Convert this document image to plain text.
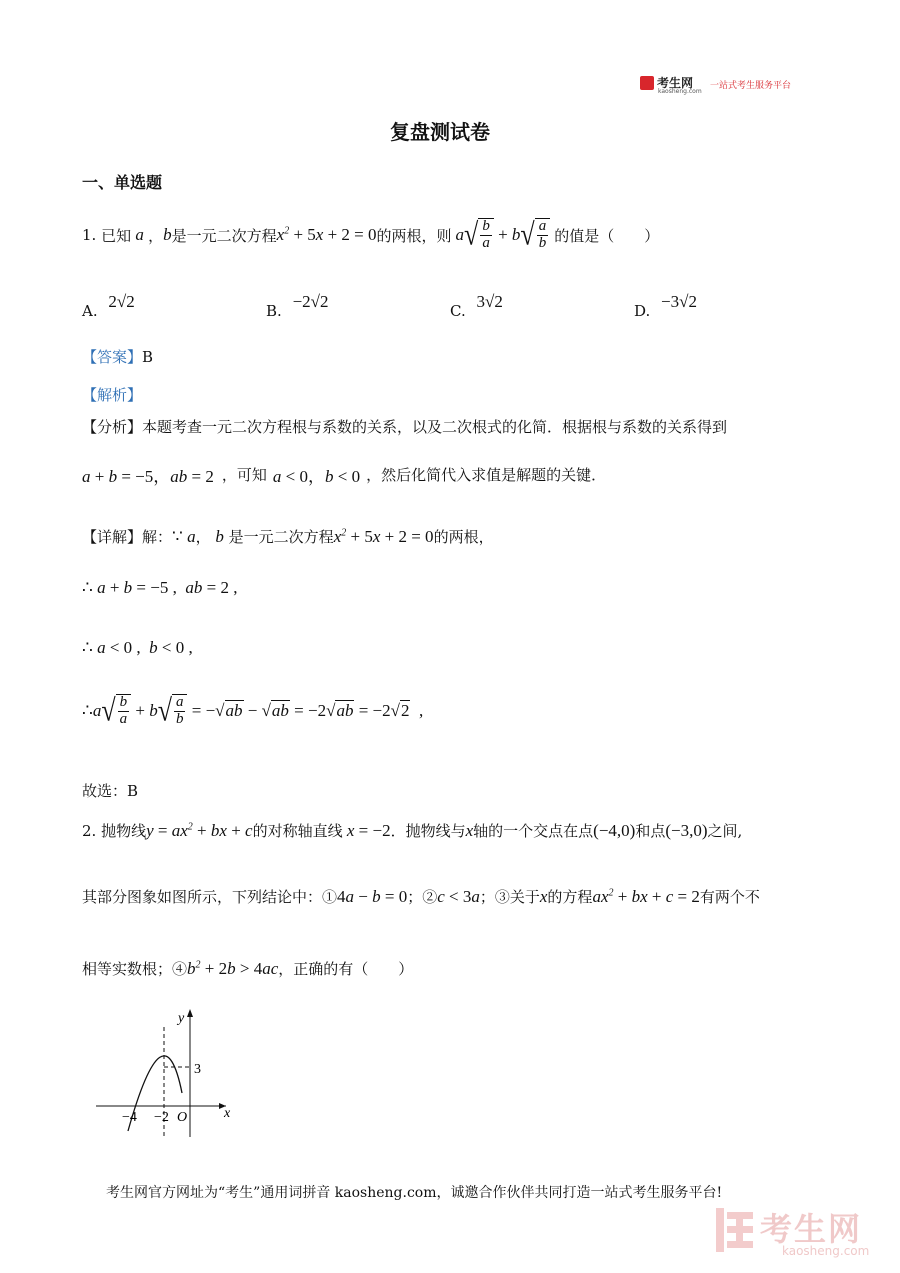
考生网
kaosheng.com
一站式考生服务平台
复盘测试卷
一、单选题
1.
已知 a ， b 是一元二次方程 $x^2 + 5x + 2 = 0$ 的两根，则 a √ $\frac{b}{a} + b$ √ $\frac{a}{b}$ 的值是（　　）
A. 2√2	B. −2√2	C. 3√2	D. −3√2
【答案】B
【解析】
【分析】本题考查一元二次方程根与系数的关系，以及二次根式的化简．根据根与系数的关系得到
a + b = −5，ab = 2 ，可知 a < 0，b < 0 ，然后化简代入求值是解题的关键．
【详解】解： ∵ a ，
b
是一元二次方程 $x^2 + 5x + 2 = 0$ 的两根，
∴ a + b = −5 ,  ab = 2 ,
∴ a < 0 ,  b < 0 ,
∴ a √ $\frac{b}{a} + b$ √ $\frac{a}{b} = -√ab - √ab = -2√ab = -2√2$  ,
故选：B
2.
抛物线 $y = ax^2$ + bx + c 的对称轴直线 x = −2 ．抛物线与 x 轴的一个交点在点 (−4,0) 和点 (−3,0) 之间,
其部分图象如图所示，下列结论中：① 4a − b = 0 ；② c < 3a ；③关于 x 的方程 $ax^2$ + bx + c = 2 有两个不
相等实数根；④ $b^2 + 2b > 4ac$ ，正确的有（　　）
y
x
O
−4 −2
3
考生网官方网址为“考生”通用词拼音 kaosheng.com，诚邀合作伙伴共同打造一站式考生服务平台!
考生网
kaosheng.com
